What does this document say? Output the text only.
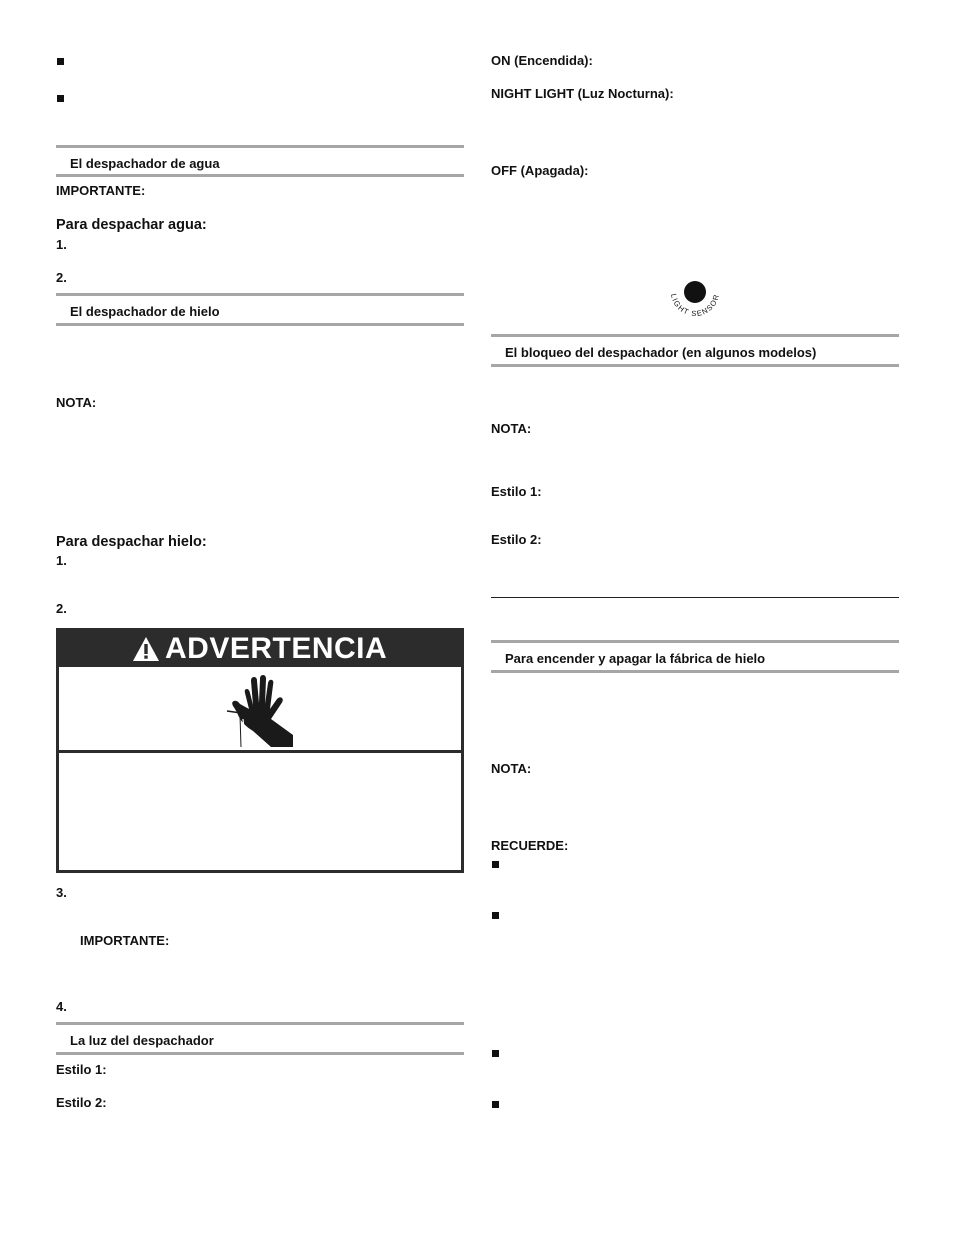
El despachador de agua
IMPORTANTE:
Para despachar agua:
1.
2.
El despachador de hielo
NOTA:
Para despachar hielo:
1.
2.
ADVERTENCIA
3.
IMPORTANTE:
4.
La luz del despachador
Estilo 1:
Estilo 2:
ON (Encendida):
NIGHT LIGHT (Luz Nocturna):
OFF (Apagada):
LIGHT SENSOR
El bloqueo del despachador (en algunos modelos)
NOTA:
Estilo 1:
Estilo 2:
Para encender y apagar la fábrica de hielo
NOTA:
RECUERDE:
